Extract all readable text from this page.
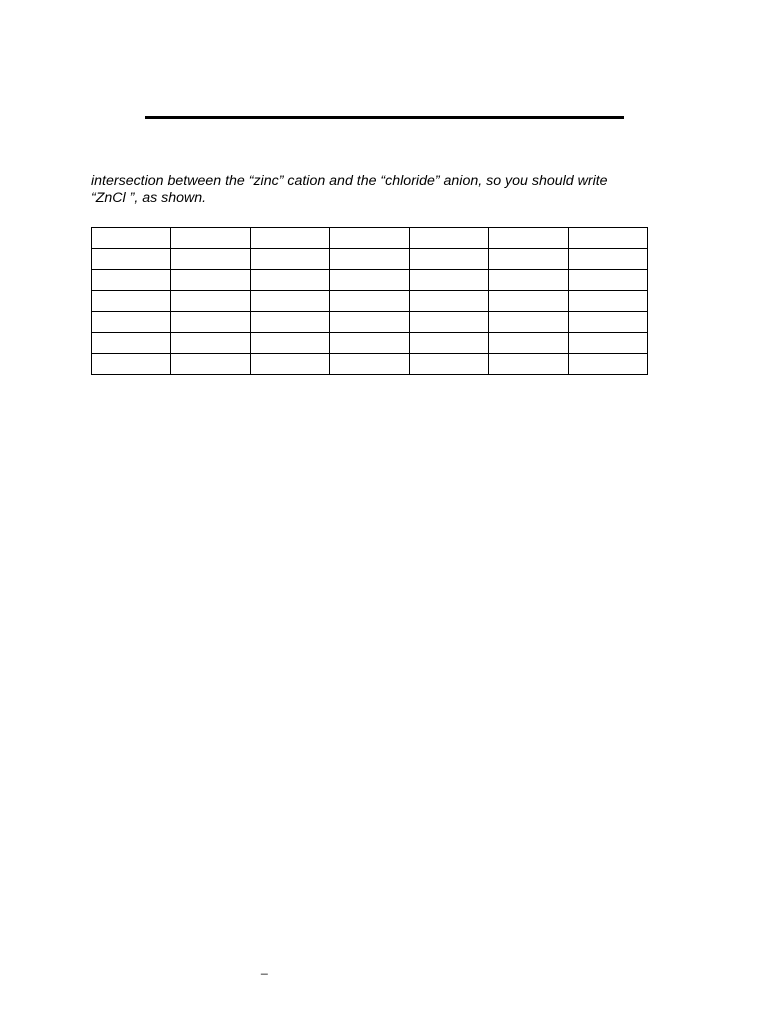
intersection between the “zinc” cation and the “chloride” anion, so you should write
“ZnCl ”, as shown.

_
